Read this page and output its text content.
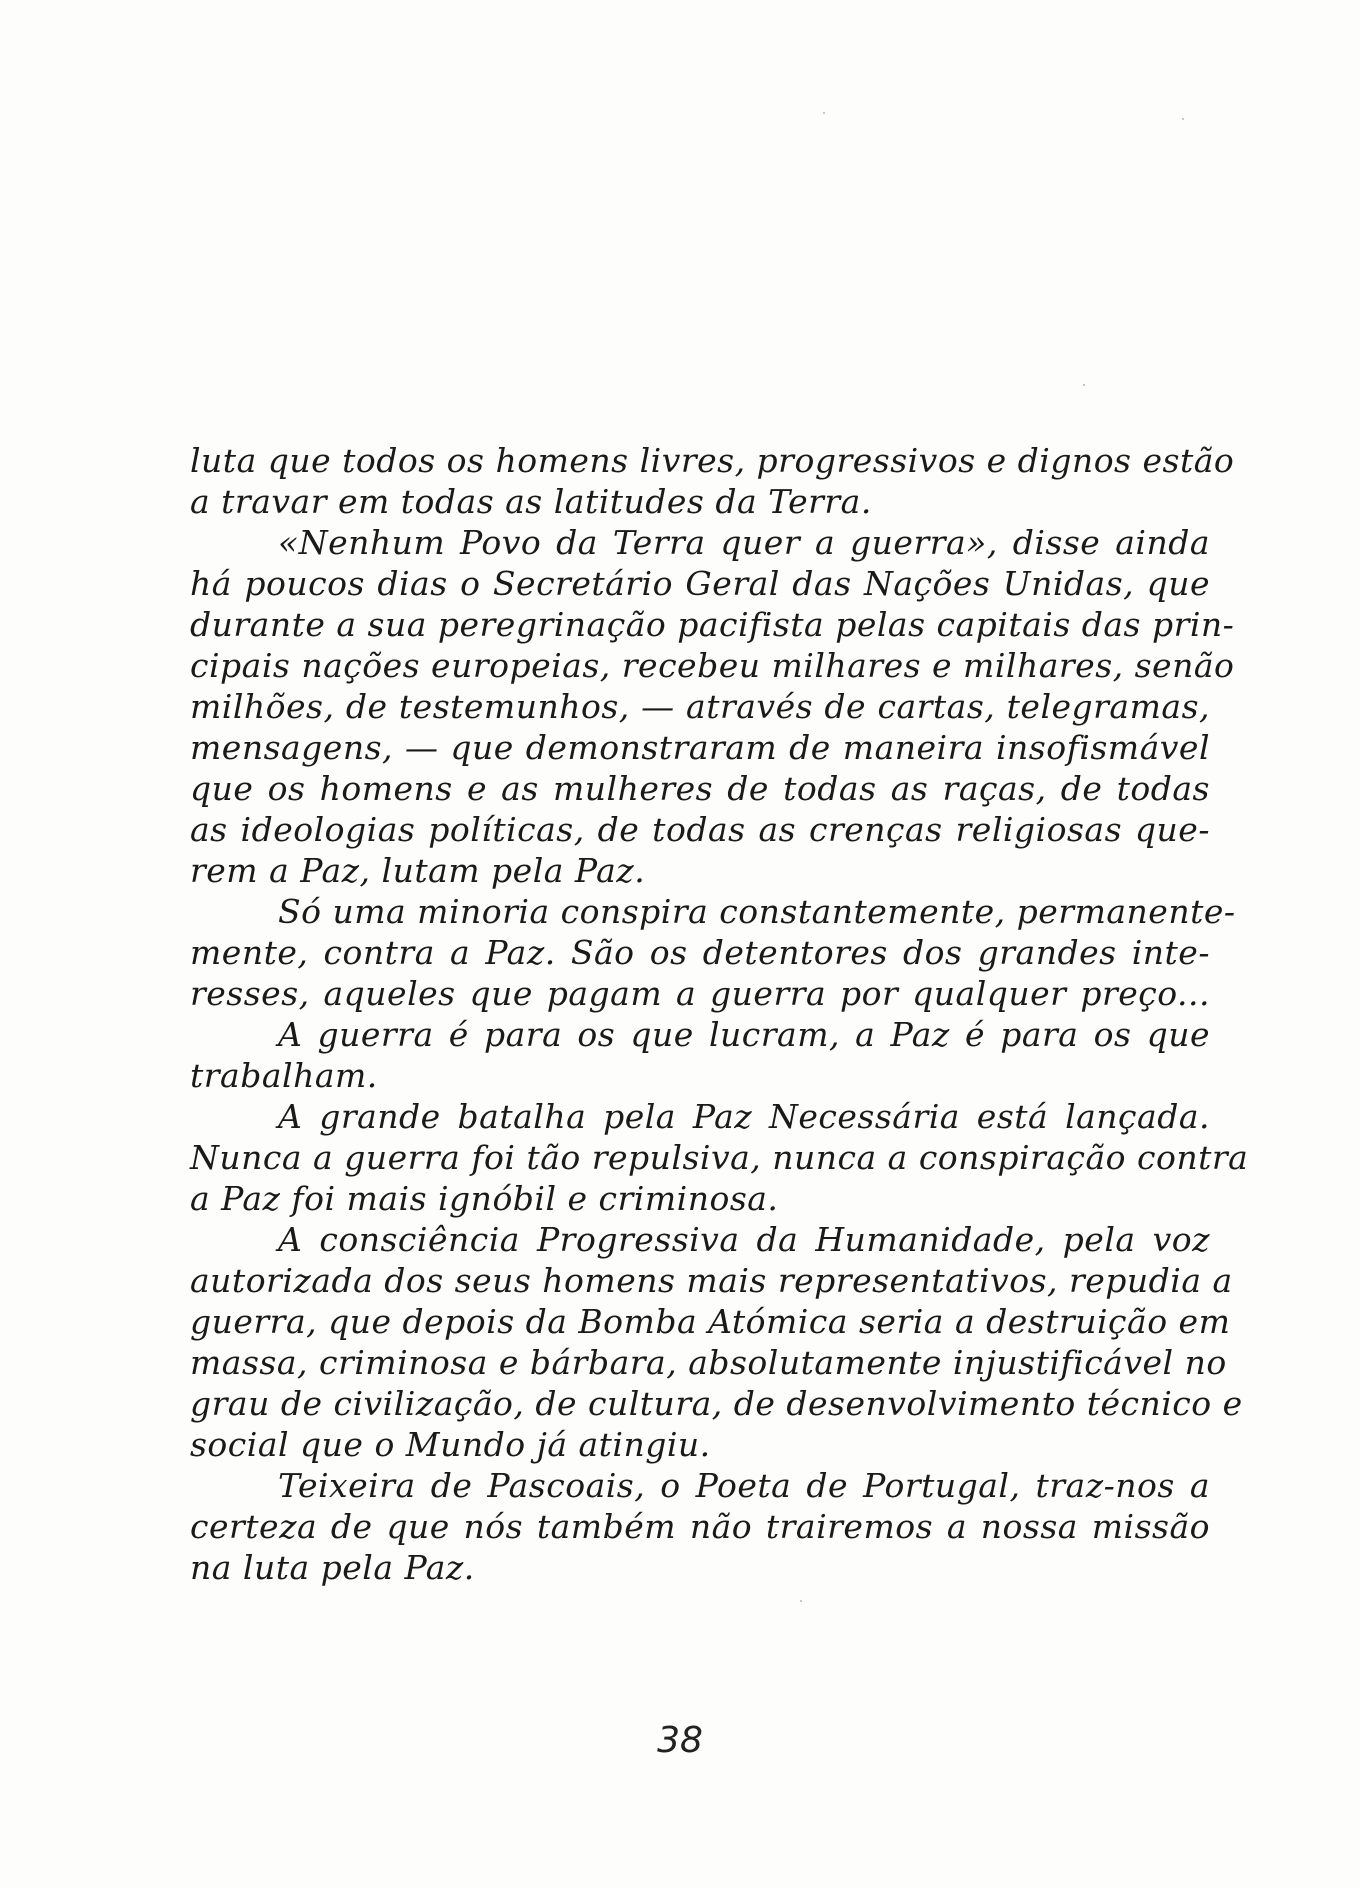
luta que todos os homens livres, progressivos e dignos estão
a travar em todas as latitudes da Terra.
«Nenhum Povo da Terra quer a guerra», disse ainda
há poucos dias o Secretário Geral das Nações Unidas, que
durante a sua peregrinação pacifista pelas capitais das prin-
cipais nações europeias, recebeu milhares e milhares, senão
milhões, de testemunhos, — através de cartas, telegramas,
mensagens, — que demonstraram de maneira insofismável
que os homens e as mulheres de todas as raças, de todas
as ideologias políticas, de todas as crenças religiosas que-
rem a Paz, lutam pela Paz.
Só uma minoria conspira constantemente, permanente-
mente, contra a Paz. São os detentores dos grandes inte-
resses, aqueles que pagam a guerra por qualquer preço...
A guerra é para os que lucram, a Paz é para os que
trabalham.
A grande batalha pela Paz Necessária está lançada.
Nunca a guerra foi tão repulsiva, nunca a conspiração contra
a Paz foi mais ignóbil e criminosa.
A consciência Progressiva da Humanidade, pela voz
autorizada dos seus homens mais representativos, repudia a
guerra, que depois da Bomba Atómica seria a destruição em
massa, criminosa e bárbara, absolutamente injustificável no
grau de civilização, de cultura, de desenvolvimento técnico e
social que o Mundo já atingiu.
Teixeira de Pascoais, o Poeta de Portugal, traz-nos a
certeza de que nós também não trairemos a nossa missão
na luta pela Paz.
38
